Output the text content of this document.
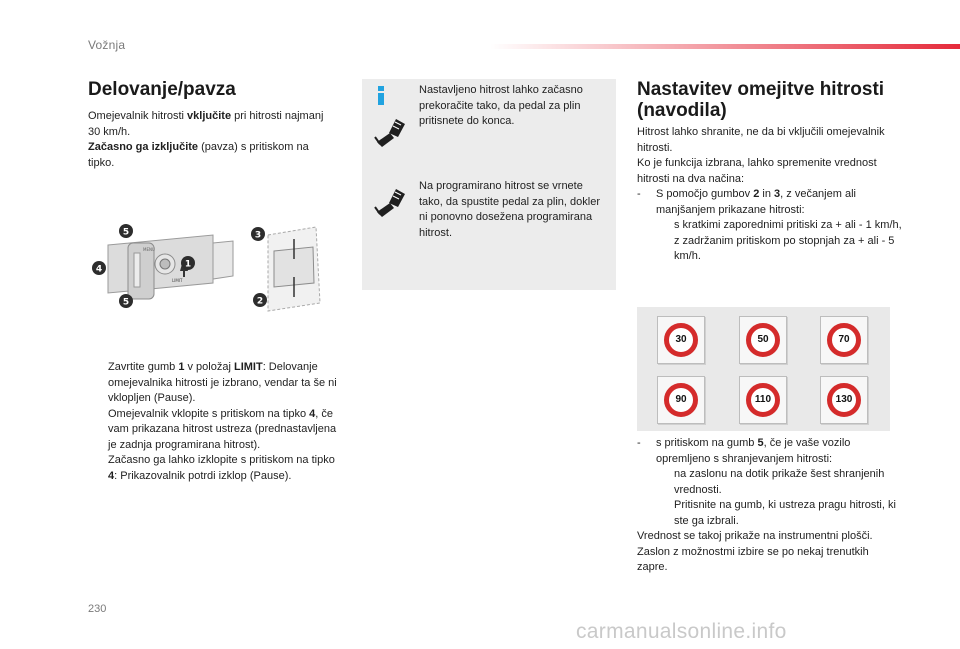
Vožnja
Delovanje/pavza
Omejevalnik hitrosti vključite pri hitrosti najmanj 30 km/h.
Začasno ga izključite (pavza) s pritiskom na tipko.
MENU
LIMIT
5
4
5
1
3
2

Zavrtite gumb 1 v položaj LIMIT: Delovanje omejevalnika hitrosti je izbrano, vendar ta še ni vklopljen (Pause).

Omejevalnik vklopite s pritiskom na tipko 4, če vam prikazana hitrost ustreza (prednastavljena je zadnja programirana hitrost).

Začasno ga lahko izklopite s pritiskom na tipko 4: Prikazovalnik potrdi izklop (Pause).

Nastavljeno hitrost lahko začasno prekoračite tako, da pedal za plin pritisnete do konca.
Na programirano hitrost se vrnete tako, da spustite pedal za plin, dokler ni ponovno dosežena programirana hitrost.
Nastavitev omejitve hitrosti (navodila)
Hitrost lahko shranite, ne da bi vključili omejevalnik hitrosti.
Ko je funkcija izbrana, lahko spremenite vrednost hitrosti na dva načina:
- S pomočjo gumbov 2 in 3, z večanjem ali manjšanjem prikazane hitrosti:
s kratkimi zaporednimi pritiski za + ali - 1 km/h,
z zadržanim pritiskom po stopnjah za + ali - 5 km/h.
30	50	70
90	110	130
- s pritiskom na gumb 5, če je vaše vozilo opremljeno s shranjevanjem hitrosti:
na zaslonu na dotik prikaže šest shranjenih vrednosti.
Pritisnite na gumb, ki ustreza pragu hitrosti, ki ste ga izbrali.
Vrednost se takoj prikaže na instrumentni plošči.
Zaslon z možnostmi izbire se po nekaj trenutkih zapre.
230
carmanualsonline.info
